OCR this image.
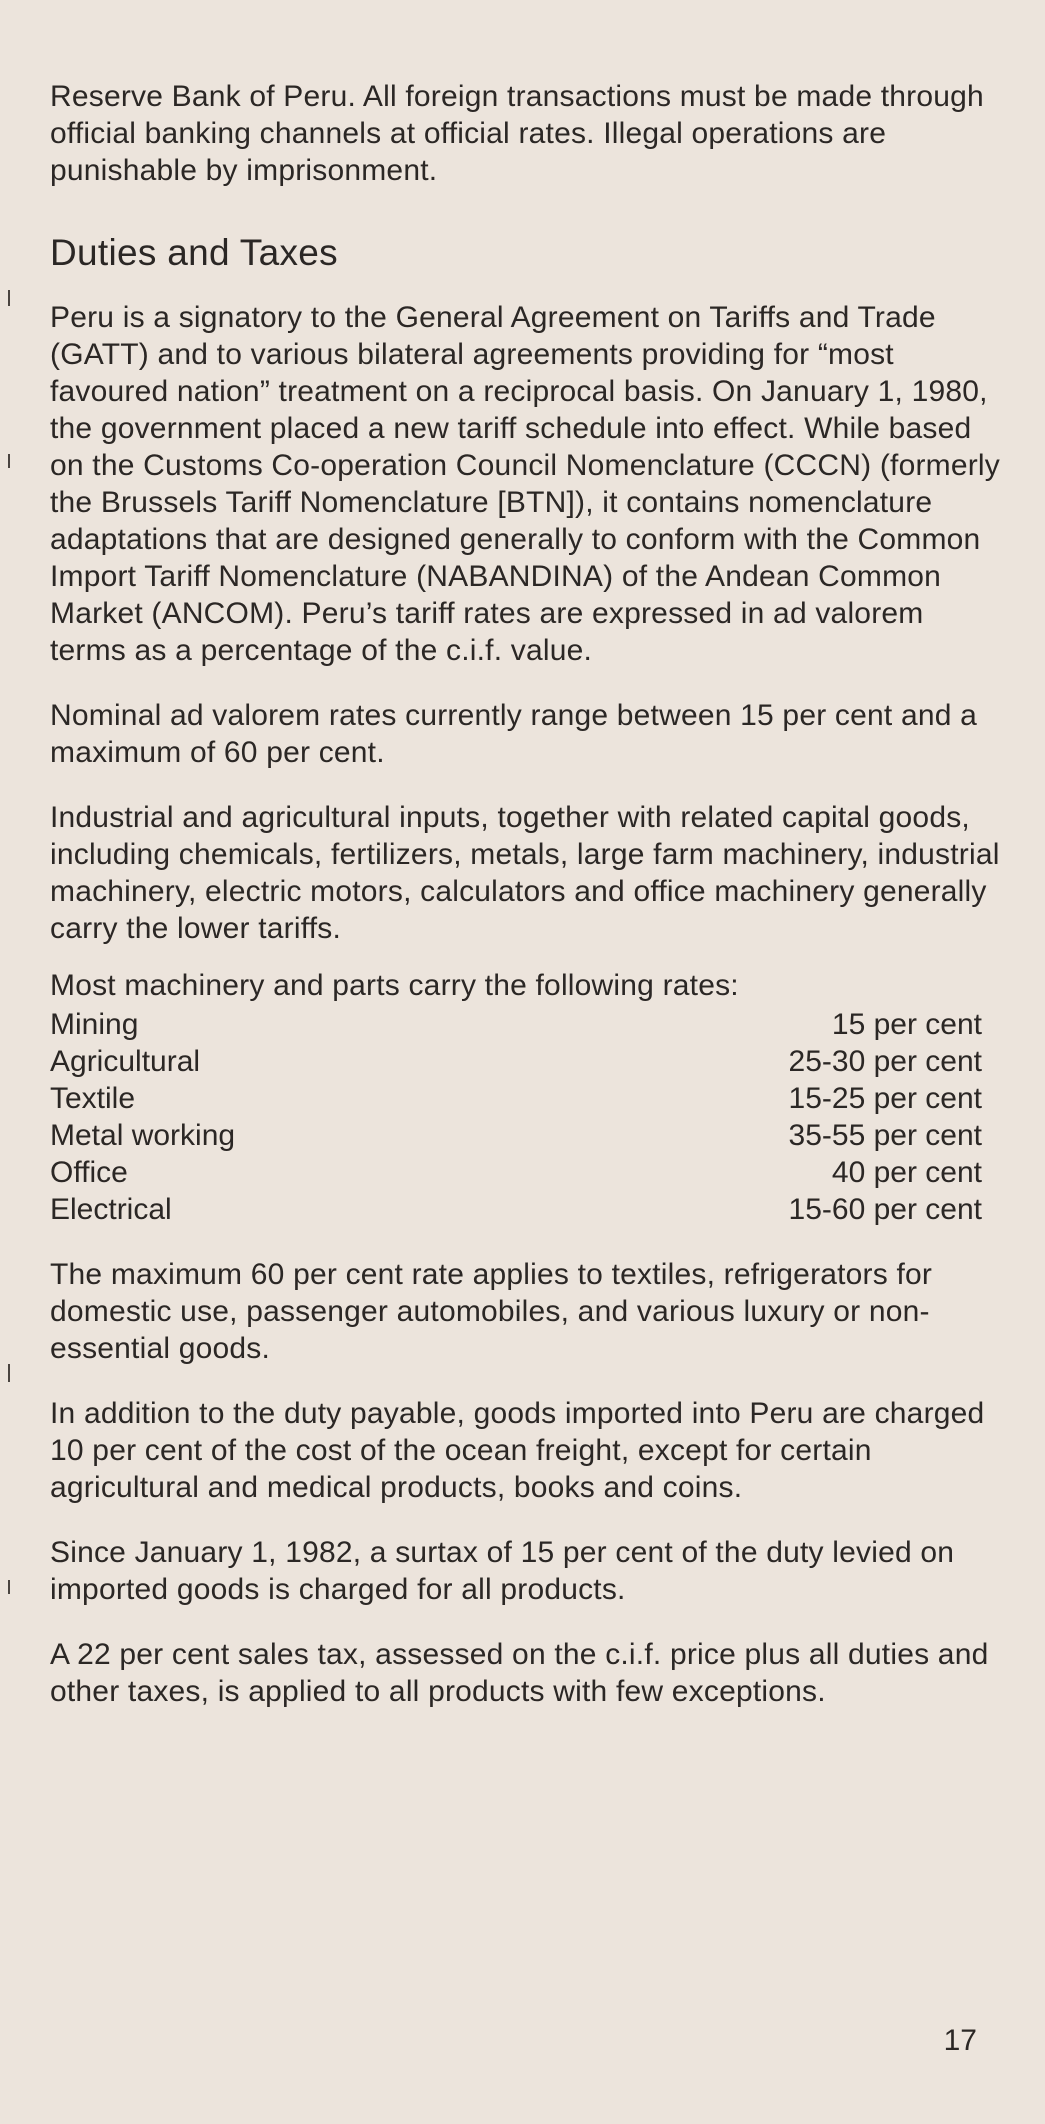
Reserve Bank of Peru. All foreign transactions must be made through official banking channels at official rates. Illegal operations are punishable by imprisonment.

Duties and Taxes

Peru is a signatory to the General Agreement on Tariffs and Trade (GATT) and to various bilateral agreements providing for “most favoured nation” treatment on a reciprocal basis. On January 1, 1980, the government placed a new tariff schedule into effect. While based on the Customs Co-operation Council Nomenclature (CCCN) (formerly the Brussels Tariff Nomenclature [BTN]), it contains nomenclature adaptations that are designed generally to conform with the Common Import Tariff Nomenclature (NABANDINA) of the Andean Common Market (ANCOM). Peru’s tariff rates are expressed in ad valorem terms as a percentage of the c.i.f. value.

Nominal ad valorem rates currently range between 15 per cent and a maximum of 60 per cent.

Industrial and agricultural inputs, together with related capital goods, including chemicals, fertilizers, metals, large farm machinery, industrial machinery, electric motors, calculators and office machinery generally carry the lower tariffs.

Most machinery and parts carry the following rates:

Mining	15 per cent
Agricultural	25-30 per cent
Textile	15-25 per cent
Metal working	35-55 per cent
Office	40 per cent
Electrical	15-60 per cent

The maximum 60 per cent rate applies to textiles, refrigerators for domestic use, passenger automobiles, and various luxury or non-essential goods.

In addition to the duty payable, goods imported into Peru are charged 10 per cent of the cost of the ocean freight, except for certain agricultural and medical products, books and coins.

Since January 1, 1982, a surtax of 15 per cent of the duty levied on imported goods is charged for all products.

A 22 per cent sales tax, assessed on the c.i.f. price plus all duties and other taxes, is applied to all products with few exceptions.

17
